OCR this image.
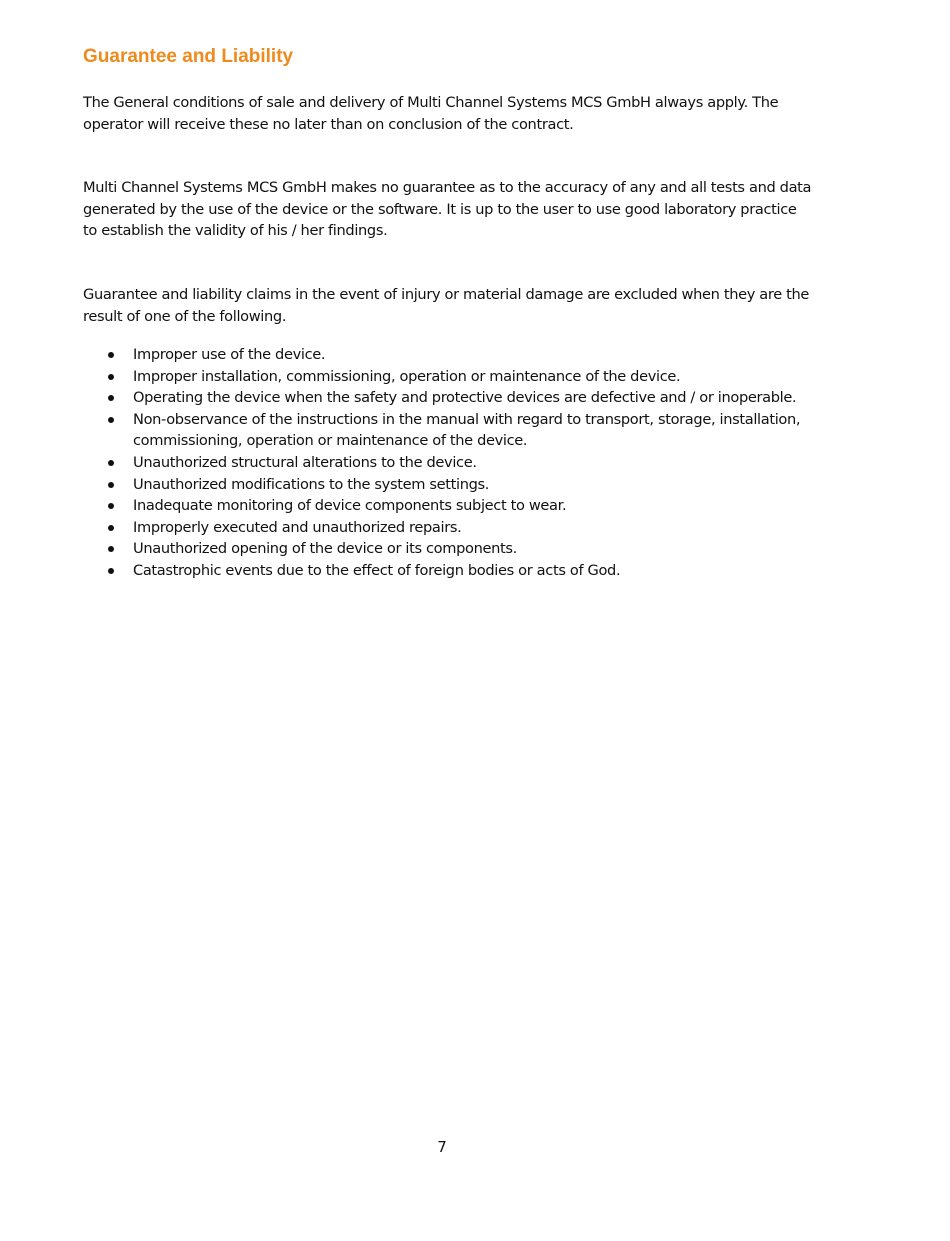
Guarantee and Liability

The General conditions of sale and delivery of Multi Channel Systems MCS GmbH always apply. The operator will receive these no later than on conclusion of the contract.

Multi Channel Systems MCS GmbH makes no guarantee as to the accuracy of any and all tests and data generated by the use of the device or the software. It is up to the user to use good laboratory practice to establish the validity of his / her findings.

Guarantee and liability claims in the event of injury or material damage are excluded when they are the result of one of the following.

Improper use of the device.
Improper installation, commissioning, operation or maintenance of the device.
Operating the device when the safety and protective devices are defective and / or inoperable.
Non-observance of the instructions in the manual with regard to transport, storage, installation, commissioning, operation or maintenance of the device.
Unauthorized structural alterations to the device.
Unauthorized modifications to the system settings.
Inadequate monitoring of device components subject to wear.
Improperly executed and unauthorized repairs.
Unauthorized opening of the device or its components.
Catastrophic events due to the effect of foreign bodies or acts of God.
7
